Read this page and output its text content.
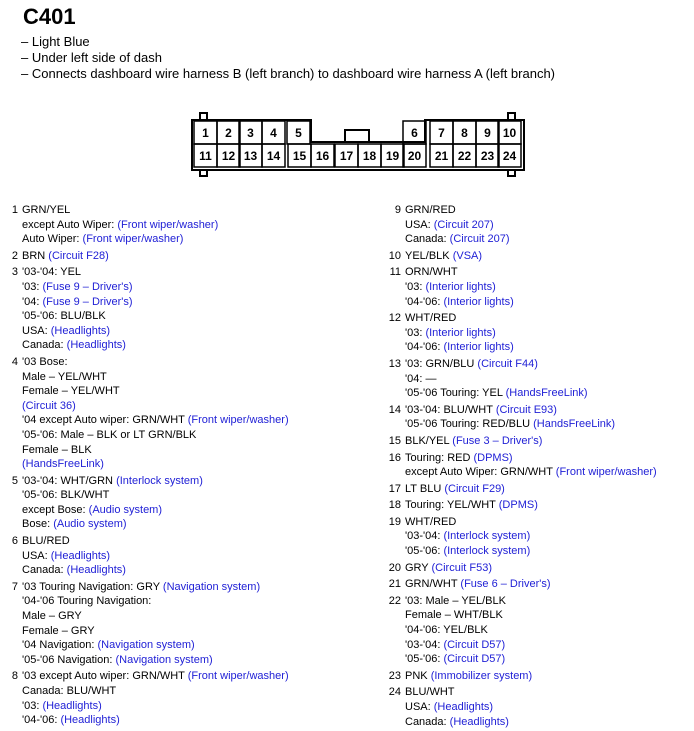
C401
– Light Blue
– Under left side of dash
– Connects dashboard wire harness B (left branch) to dashboard wire harness A (left branch)
1 2 3 4 5	6 7 8 9 10
11 12 13 14 15 16 17 18 19 20 21 22 23 24
1 GRN/YEL
except Auto Wiper: (Front wiper/washer)
Auto Wiper: (Front wiper/washer)
2 BRN (Circuit F28)
3 '03-'04: YEL
'03: (Fuse 9 – Driver's)
'04: (Fuse 9 – Driver's)
'05-'06: BLU/BLK
USA: (Headlights)
Canada: (Headlights)
4 '03 Bose:
Male – YEL/WHT
Female – YEL/WHT
(Circuit 36)
'04 except Auto wiper: GRN/WHT (Front wiper/washer)
'05-'06: Male – BLK or LT GRN/BLK
Female – BLK
(HandsFreeLink)
5 '03-'04: WHT/GRN (Interlock system)
'05-'06: BLK/WHT
except Bose: (Audio system)
Bose: (Audio system)
6 BLU/RED
USA: (Headlights)
Canada: (Headlights)
7 '03 Touring Navigation: GRY (Navigation system)
'04-'06 Touring Navigation:
Male – GRY
Female – GRY
'04 Navigation: (Navigation system)
'05-'06 Navigation: (Navigation system)
8 '03 except Auto wiper: GRN/WHT (Front wiper/washer)
Canada: BLU/WHT
'03: (Headlights)
'04-'06: (Headlights)
9 GRN/RED
USA: (Circuit 207)
Canada: (Circuit 207)
10 YEL/BLK (VSA)
11 ORN/WHT
'03: (Interior lights)
'04-'06: (Interior lights)
12 WHT/RED
'03: (Interior lights)
'04-'06: (Interior lights)
13 '03: GRN/BLU (Circuit F44)
'04: —
'05-'06 Touring: YEL (HandsFreeLink)
14 '03-'04: BLU/WHT (Circuit E93)
'05-'06 Touring: RED/BLU (HandsFreeLink)
15 BLK/YEL (Fuse 3 – Driver's)
16 Touring: RED (DPMS)
except Auto Wiper: GRN/WHT (Front wiper/washer)
17 LT BLU (Circuit F29)
18 Touring: YEL/WHT (DPMS)
19 WHT/RED
'03-'04: (Interlock system)
'05-'06: (Interlock system)
20 GRY (Circuit F53)
21 GRN/WHT (Fuse 6 – Driver's)
22 '03: Male – YEL/BLK
Female – WHT/BLK
'04-'06: YEL/BLK
'03-'04: (Circuit D57)
'05-'06: (Circuit D57)
23 PNK (Immobilizer system)
24 BLU/WHT
USA: (Headlights)
Canada: (Headlights)
